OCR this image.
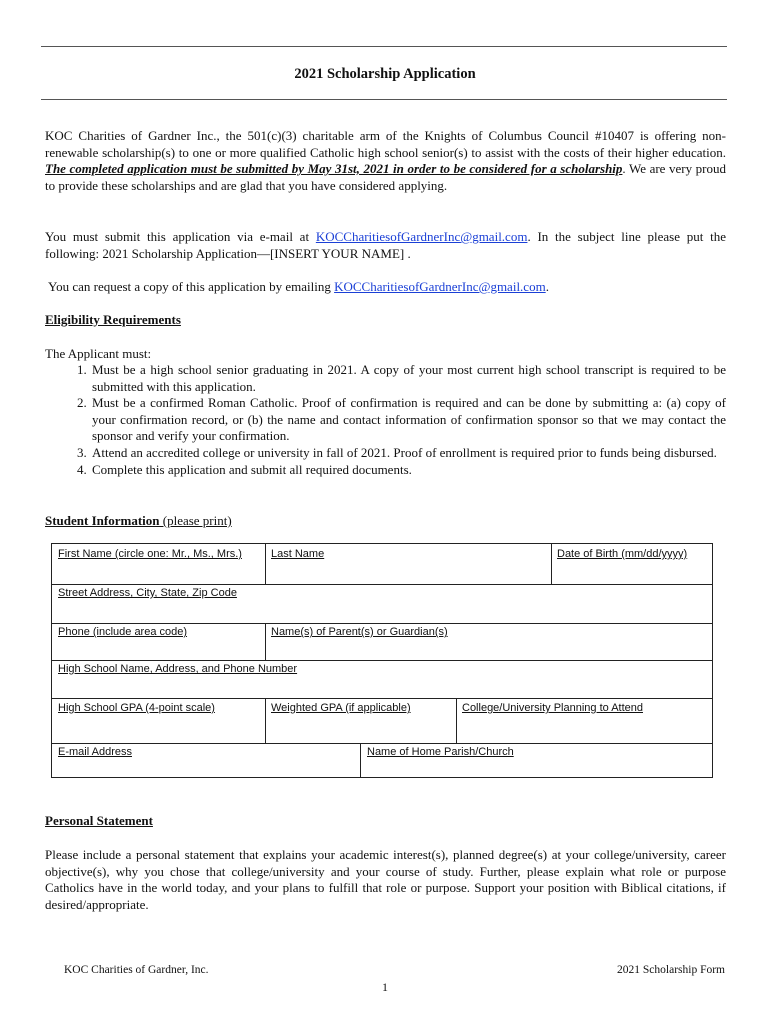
2021 Scholarship Application
KOC Charities of Gardner Inc., the 501(c)(3) charitable arm of the Knights of Columbus Council #10407 is offering non-renewable scholarship(s) to one or more qualified Catholic high school senior(s) to assist with the costs of their higher education. The completed application must be submitted by May 31st, 2021 in order to be considered for a scholarship. We are very proud to provide these scholarships and are glad that you have considered applying.
You must submit this application via e-mail at KOCCharitiesofGardnerInc@gmail.com. In the subject line please put the following: 2021 Scholarship Application—[INSERT YOUR NAME] .
You can request a copy of this application by emailing KOCCharitiesofGardnerInc@gmail.com.
Eligibility Requirements
The Applicant must:
1. Must be a high school senior graduating in 2021. A copy of your most current high school transcript is required to be submitted with this application.
2. Must be a confirmed Roman Catholic. Proof of confirmation is required and can be done by submitting a: (a) copy of your confirmation record, or (b) the name and contact information of confirmation sponsor so that we may contact the sponsor and verify your confirmation.
3. Attend an accredited college or university in fall of 2021. Proof of enrollment is required prior to funds being disbursed.
4. Complete this application and submit all required documents.
Student Information (please print)
First Name (circle one: Mr., Ms., Mrs.)	Last Name	Date of Birth (mm/dd/yyyy)
Street Address, City, State, Zip Code
Phone (include area code)	Name(s) of Parent(s) or Guardian(s)
High School Name, Address, and Phone Number
High School GPA (4-point scale)	Weighted GPA (if applicable)	College/University Planning to Attend
E-mail Address	Name of Home Parish/Church
Personal Statement
Please include a personal statement that explains your academic interest(s), planned degree(s) at your college/university, career objective(s), why you chose that college/university and your course of study. Further, please explain what role or purpose Catholics have in the world today, and your plans to fulfill that role or purpose. Support your position with Biblical citations, if desired/appropriate.
KOC Charities of Gardner, Inc.	2021 Scholarship Form
1
